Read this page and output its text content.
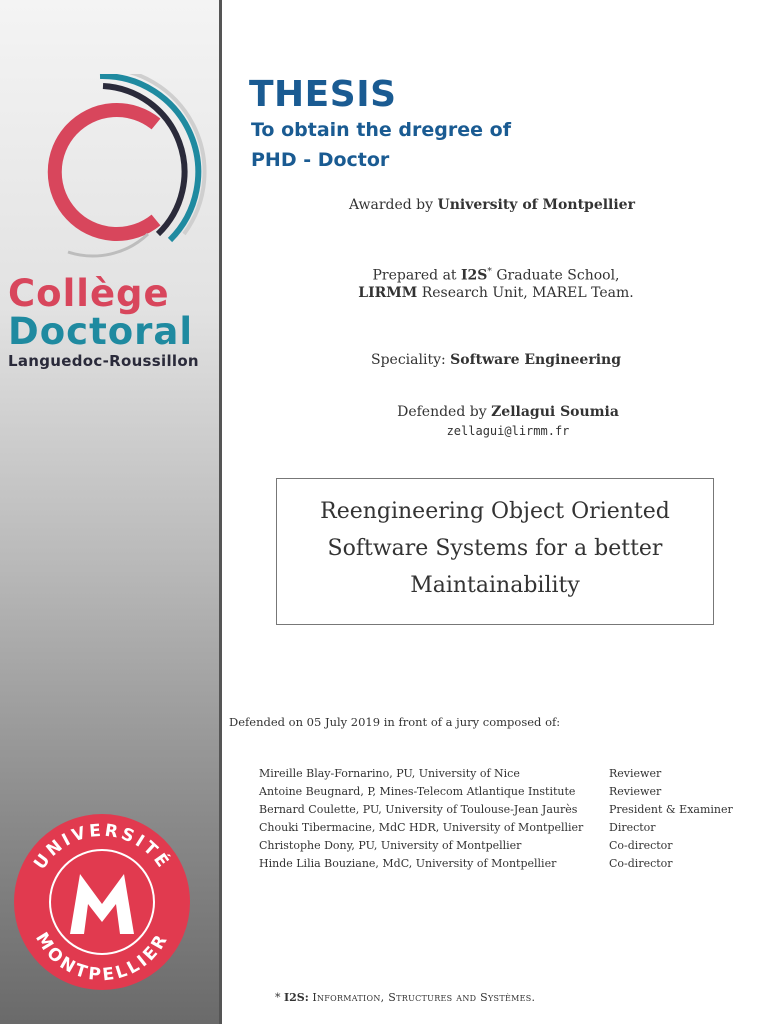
Collège
Doctoral
Languedoc-Roussillon
UNIVERSITÉ
MONTPELLIER
THESIS
To obtain the dregree of
PHD - Doctor
Awarded by University of Montpellier
Prepared at I2S* Graduate School,
LIRMM Research Unit, MAREL Team.
Speciality: Software Engineering
Defended by Zellagui Soumia
zellagui@lirmm.fr
Reengineering Object Oriented
Software Systems for a better
Maintainability
Defended on 05 July 2019 in front of a jury composed of:
Mireille Blay-Fornarino, PU, University of Nice
Antoine Beugnard, P, Mines-Telecom Atlantique Institute
Bernard Coulette, PU, University of Toulouse-Jean Jaurès
Chouki Tibermacine, MdC HDR, University of Montpellier
Christophe Dony, PU, University of Montpellier
Hinde Lilia Bouziane, MdC, University of Montpellier
Reviewer
Reviewer
President & Examiner
Director
Co-director
Co-director
* I2S: Information, Structures and Systèmes.
